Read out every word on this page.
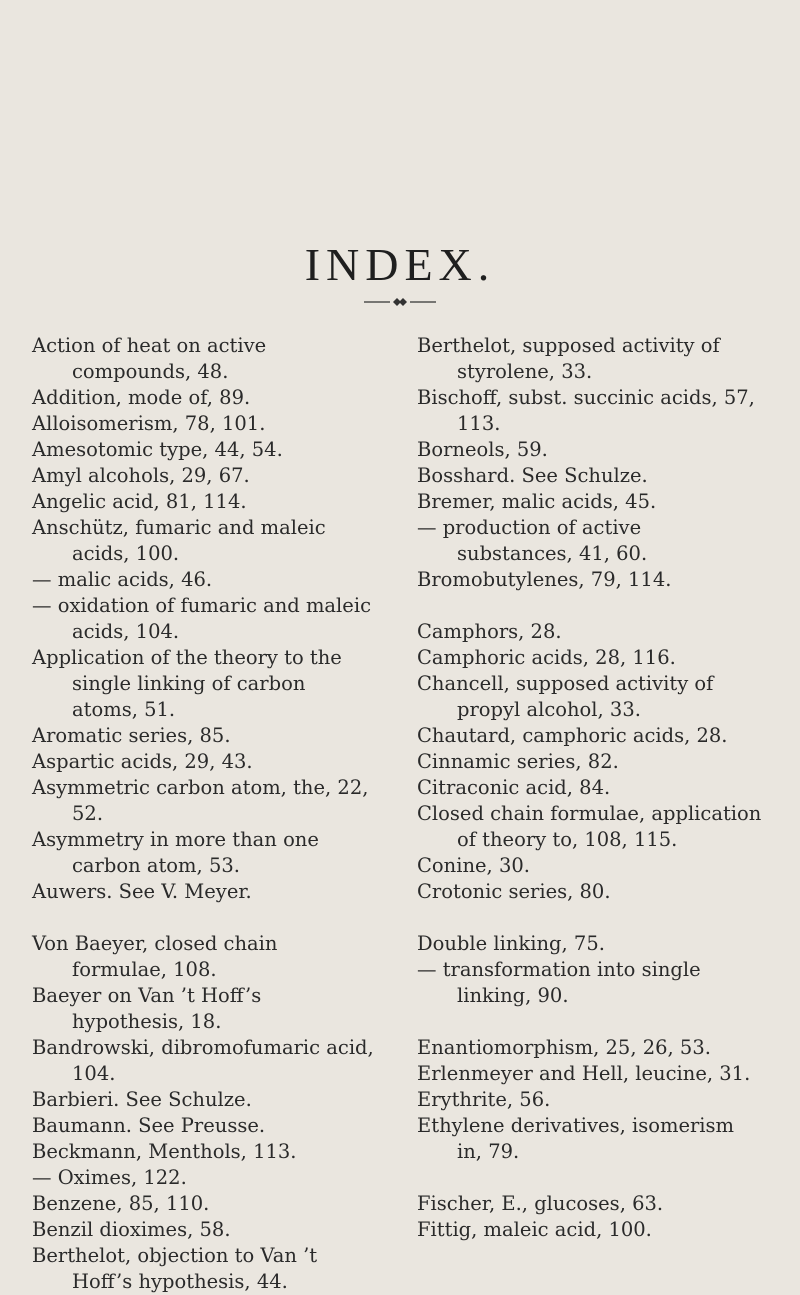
INDEX.

Action of heat on active compounds, 48.

Addition, mode of, 89.

Alloisomerism, 78, 101.

Amesotomic type, 44, 54.

Amyl alcohols, 29, 67.

Angelic acid, 81, 114.

Anschütz, fumaric and maleic acids, 100.

— malic acids, 46.

— oxidation of fumaric and maleic acids, 104.

Application of the theory to the single linking of carbon atoms, 51.

Aromatic series, 85.

Aspartic acids, 29, 43.

Asymmetric carbon atom, the, 22, 52.

Asymmetry in more than one carbon atom, 53.

Auwers. See V. Meyer.

Von Baeyer, closed chain formulae, 108.

Baeyer on Van ’t Hoff’s hypothesis, 18.

Bandrowski, dibromofumaric acid, 104.

Barbieri. See Schulze.

Baumann. See Preusse.

Beckmann, Menthols, 113.

— Oximes, 122.

Benzene, 85, 110.

Benzil dioximes, 58.

Berthelot, objection to Van ’t Hoff’s hypothesis, 44.

Berthelot, supposed activity of styrolene, 33.

Bischoff, subst. succinic acids, 57, 113.

Borneols, 59.

Bosshard. See Schulze.

Bremer, malic acids, 45.

— production of active substances, 41, 60.

Bromobutylenes, 79, 114.

Camphors, 28.

Camphoric acids, 28, 116.

Chancell, supposed activity of propyl alcohol, 33.

Chautard, camphoric acids, 28.

Cinnamic series, 82.

Citraconic acid, 84.

Closed chain formulae, application of theory to, 108, 115.

Conine, 30.

Crotonic series, 80.

Double linking, 75.

— transformation into single linking, 90.

Enantiomorphism, 25, 26, 53.

Erlenmeyer and Hell, leucine, 31.

Erythrite, 56.

Ethylene derivatives, isomerism in, 79.

Fischer, E., glucoses, 63.

Fittig, maleic acid, 100.
